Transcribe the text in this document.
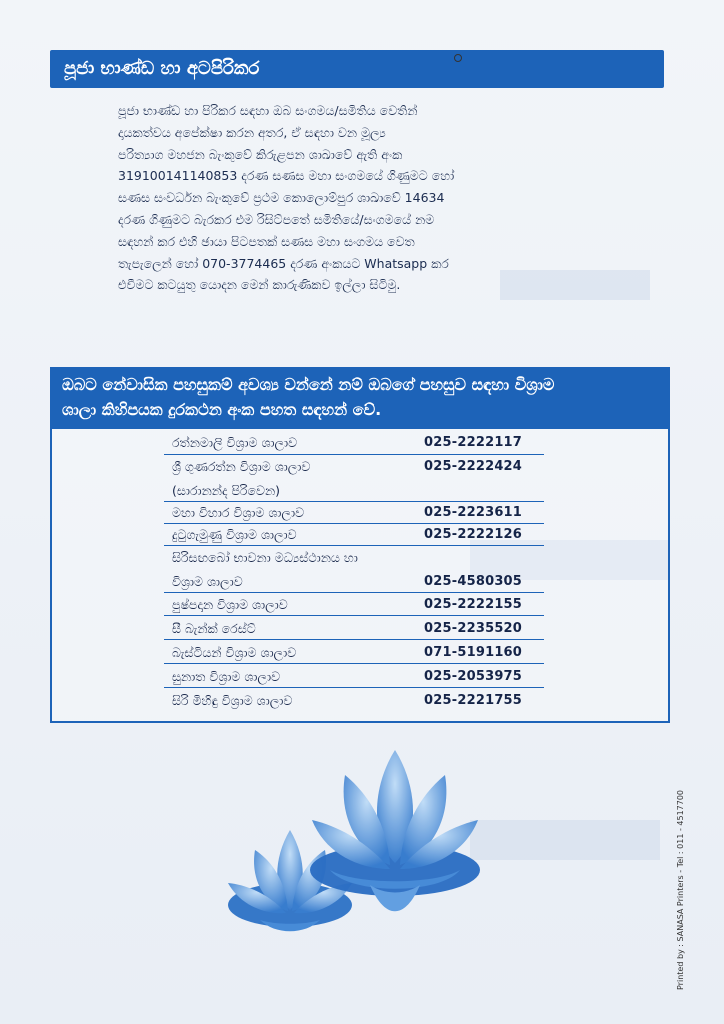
පූජා භාණ්ඩ හා අටපිරිකර

පූජා භාණ්ඩ හා පිරිකර සඳහා ඔබ සංගමය/සමිතිය වෙතින්

දායකත්වය අපේක්ෂා කරන අතර, ඒ සඳහා වන මූල්‍ය

පරිත්‍යාග මහජන බැංකුවේ කිරුළපන ශාඛාවේ ඇති අංක

319100141140853 දරණ සණස මහා සංගමයේ ගිණුමට හෝ

සණස සංවර්ධන බැංකුවේ ප්‍රථම කොලොම්පුර ශාඛාවේ 14634

දරණ ගිණුමට බැරකර එම රිසිට්පතේ සමිතියේ/සංගමයේ නම

සඳහන් කර එහි ඡායා පිටපතක් සණස මහා සංගමය වෙත

තැපැලෙන් හෝ 070-3774465 දරණ අංකයට Whatsapp කර

එවීමට කටයුතු යොදන මෙන් කාරුණිකව ඉල්ලා සිටිමු.

ඔබට නේවාසික පහසුකම් අවශ්‍ය වන්නේ නම් ඔබගේ පහසුව සඳහා විශ්‍රාම
ශාලා කිහිපයක දුරකථන අංක පහත සඳහන් වේ.
රත්නමාලි විශ්‍රාම ශාලාව	025-2222117
ශ්‍රී ගුණරත්න විශ්‍රාම ශාලාව	025-2222424
(සාරානන්ද පිරිවෙන)
මහා විහාර විශ්‍රාම ශාලාව	025-2223611
දුටුගැමුණු විශ්‍රාම ශාලාව	025-2222126
සිරිසඟබෝ භාවනා මධ්‍යස්ථානය හා
විශ්‍රාම ශාලාව	025-4580305
පුෂ්පදාන විශ්‍රාම ශාලාව	025-2222155
සී බැන්ක් රෙස්ට්	025-2235520
බැස්ටියන් විශ්‍රාම ශාලාව	071-5191160
සුනාත විශ්‍රාම ශාලාව	025-2053975
සිරි මිහිඳු විශ්‍රාම ශාලාව	025-2221755
Printed by : SANASA Printers - Tel : 011 - 4517700
